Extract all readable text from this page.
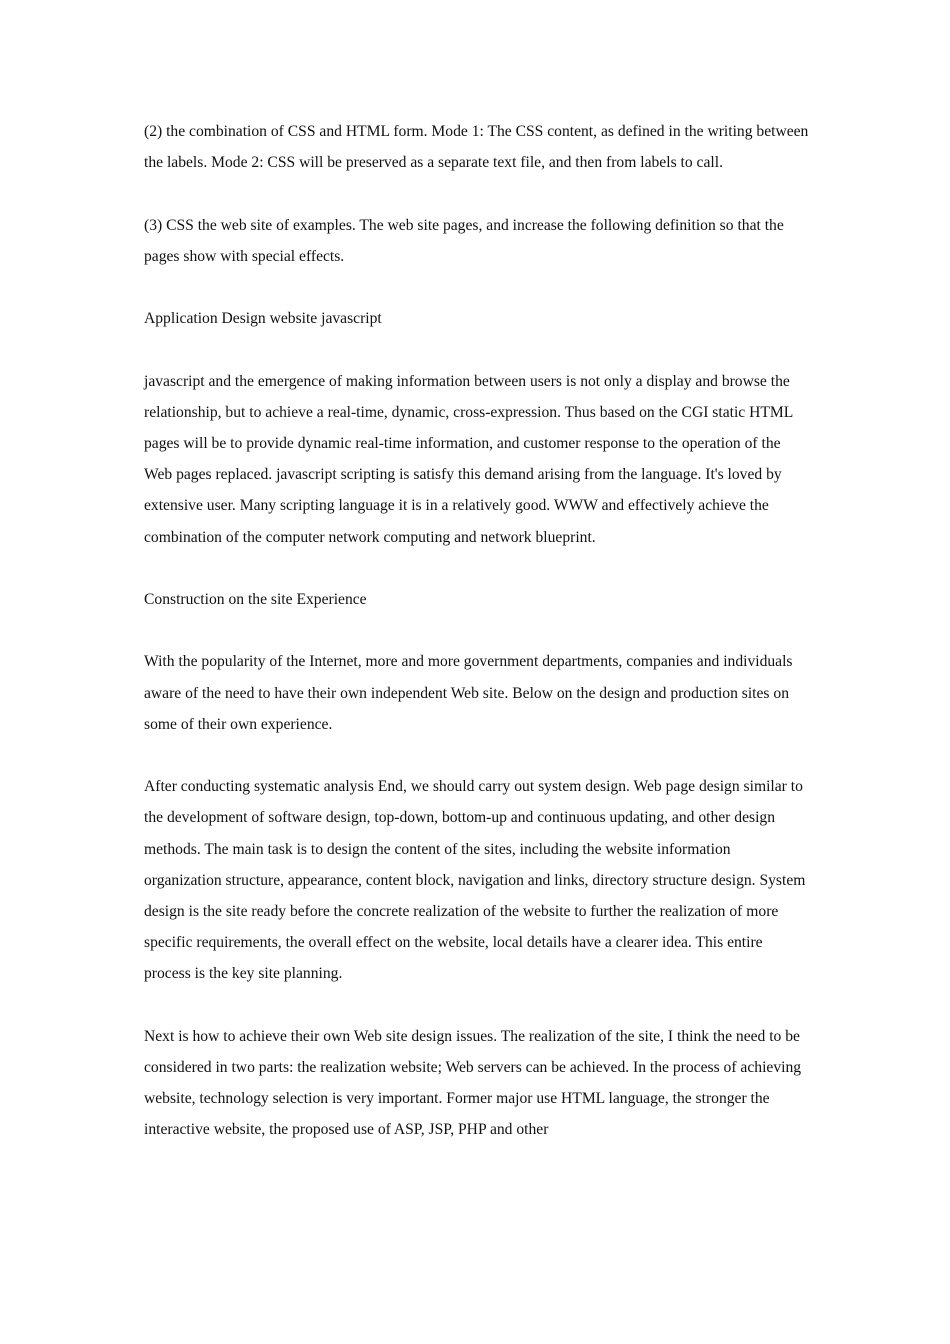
(2) the combination of CSS and HTML form. Mode 1: The CSS content, as defined in the writing between the labels. Mode 2: CSS will be preserved as a separate text file, and then from labels to call.

(3) CSS the web site of examples. The web site pages, and increase the following definition so that the pages show with special effects.

Application Design website javascript

javascript and the emergence of making information between users is not only a display and browse the relationship, but to achieve a real-time, dynamic, cross-expression. Thus based on the CGI static HTML pages will be to provide dynamic real-time information, and customer response to the operation of the Web pages replaced. javascript scripting is satisfy this demand arising from the language. It's loved by extensive user. Many scripting language it is in a relatively good. WWW and effectively achieve the combination of the computer network computing and network blueprint.

Construction on the site Experience

With the popularity of the Internet, more and more government departments, companies and individuals aware of the need to have their own independent Web site. Below on the design and production sites on some of their own experience.

After conducting systematic analysis End, we should carry out system design. Web page design similar to the development of software design, top-down, bottom-up and continuous updating, and other design methods. The main task is to design the content of the sites, including the website information organization structure, appearance, content block, navigation and links, directory structure design. System design is the site ready before the concrete realization of the website to further the realization of more specific requirements, the overall effect on the website, local details have a clearer idea. This entire process is the key site planning.

Next is how to achieve their own Web site design issues. The realization of the site, I think the need to be considered in two parts: the realization website; Web servers can be achieved. In the process of achieving website, technology selection is very important. Former major use HTML language, the stronger the interactive website, the proposed use of ASP, JSP, PHP and other
